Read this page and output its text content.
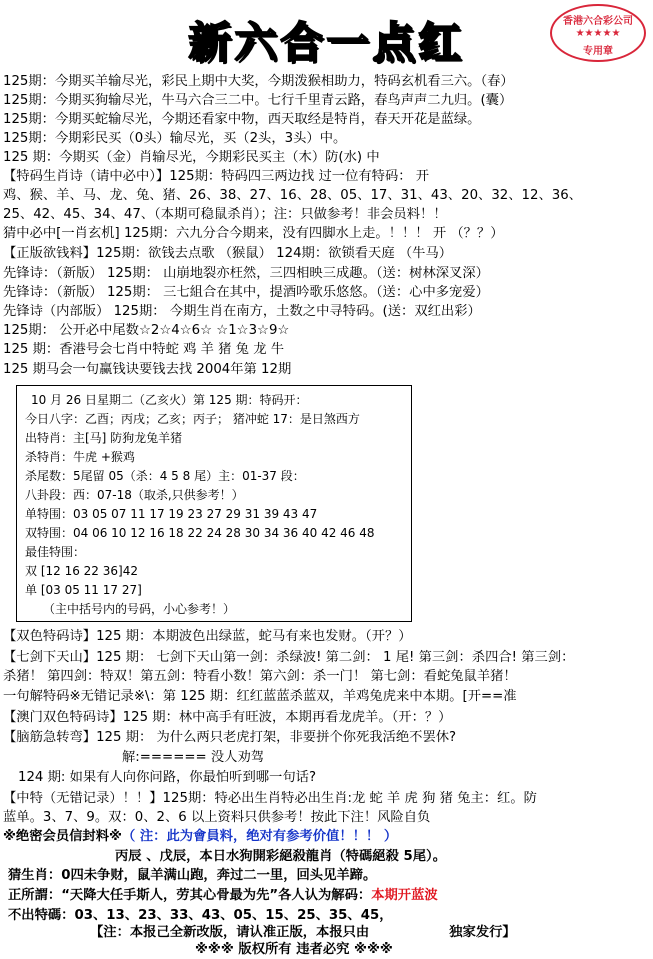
新六合一点红	香港六合彩公司
★★★★★
专用章
125期：今期买羊输尽光，彩民上期中大奖，今期泼猴相助力，特码玄机看三六。（春）
125期：今期买狗输尽光，牛马六合三二中。七行千里青云路，春鸟声声二九归。(囊）
125期：今期买蛇输尽光，今期还看家中物，西天取经是特肖，春天开花是蓝绿。
125期：今期彩民买（0头）输尽光，买（2头，3头）中。
125 期：今期买（金）肖输尽光，今期彩民买主（木）防(水) 中
【特码生肖诗（请中必中）】125期：特码四三两边找 过一位有特码： 开
鸡、猴、羊、马、龙、兔、猪、26、38、27、16、28、05、17、31、43、20、32、12、36、
25、42、45、34、47、（本期可稳鼠杀肖）；注：只做参考！非会员料！！
猜中必中[一肖玄机] 125期：六九分合今期来，没有四脚水上走。！！！ 开 （？？）
【正版欲钱料】125期：欲钱去点歌 （猴鼠） 124期：欲锁看天庭 （牛马）
先锋诗：（新版） 125期： 山崩地裂亦枉然，三四相映三成趣。（送：树林深叉深）
先锋诗：（新版） 125期： 三七組合在其中，提酒吟歌乐悠悠。（送：心中多宠爱）
先锋诗（内部版） 125期： 今期生肖在南方，土数之中寻特码。(送：双红出彩）
125期： 公开必中尾数☆2☆4☆6☆ ☆1☆3☆9☆
125 期：香港号会七肖中特蛇 鸡 羊 猪 兔 龙 牛
125 期马会一句赢钱诀要钱去找 2004年第 12期
10 月 26 日星期二（乙亥火）第 125 期：特码开：
今日八字：乙酉；丙戌；乙亥；丙子； 猪冲蛇 17：是日煞西方
出特肖：主[马] 防狗龙兔羊猪
杀特肖：牛虎 +猴鸡
杀尾数：5尾留 05（杀：4 5 8 尾）主：01-37 段：
八卦段：西：07-18（取杀,只供参考！）
单特围：03 05 07 11 17 19 23 27 29 31 39 43 47
双特围：04 06 10 12 16 18 22 24 28 30 34 36 40 42 46 48
最佳特围：
双 [12 16 22 36]42
单 [03 05 11 17 27]
（主中括号内的号码，小心参考！）
【双色特码诗】125 期：本期波色出绿蓝，蛇马有来也发财。（开？）
【七剑下天山】125 期： 七剑下天山第一剑：杀绿波! 第二剑： 1 尾! 第三剑：杀四合! 第三剑：
杀猪！ 第四剑：特双！第五剑：特看小数！第六剑：杀一门！ 第七剑：看蛇兔鼠羊猪！
一句解特码※无错记录※\：第 125 期：红红蓝蓝杀蓝双，羊鸡兔虎来中本期。[开==准
【澳门双色特码诗】125 期：林中高手有旺波，本期再看龙虎羊。（开：？）
【脑筋急转弯】125 期： 为什么两只老虎打架，非要拼个你死我活绝不罢休?
解:====== 没人劝驾
124 期: 如果有人向你问路，你最怕听到哪一句话?
【中特（无错记录）！！】125期：特必出生肖特必出生肖:龙 蛇 羊 虎 狗 猪 兔主：红。防
蓝单。3、7、9。双：0、2、6 以上资料只供参考！按此下注！风险自负
※绝密会员信封料※（ 注：此为會員料，绝对有参考价值！！！ ）
丙辰 、戊辰，本日水狗開彩絕殺龍肖（特碼絕殺 5尾）。
猜生肖：0四未争财，鼠羊满山跑，奔过二一里，回头见羊蹄。
正所謂：“天降大任手斯人，劳其心骨最为先”各人认为解码：本期开蓝波
不出特碼：03、13、23、33、43、05、15、25、35、45，
【注：本报己全新改版，请认准正版，本报只由	独家发行】
※※※ 版权所有 违者必究 ※※※
